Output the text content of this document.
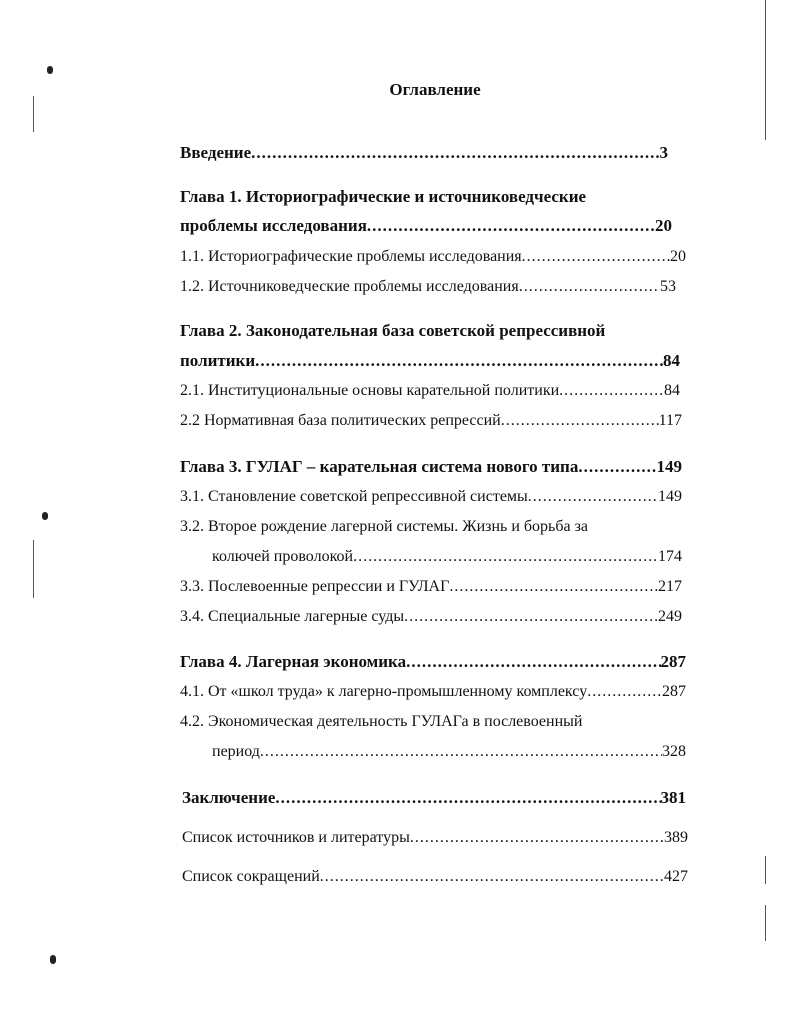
Оглавление
Введение .....	3
Глава 1. Историографические и источниковедческие
проблемы исследования .....	20
1.1. Историографические проблемы исследования .....	20
1.2. Источниковедческие проблемы исследования .....	53
Глава 2. Законодательная база советской репрессивной
политики .....	84
2.1. Институциональные основы карательной политики .....	84
2.2 Нормативная база политических репрессий .....	117
Глава 3. ГУЛАГ – карательная система нового типа .....	149
3.1. Становление советской репрессивной системы .....	149
3.2. Второе рождение лагерной системы. Жизнь и борьба за
колючей проволокой .....	174
3.3. Послевоенные репрессии и ГУЛАГ .....	217
3.4. Специальные лагерные суды .....	249
Глава 4. Лагерная экономика .....	287
4.1. От «школ труда» к лагерно-промышленному комплексу .....	287
4.2. Экономическая деятельность ГУЛАГа в послевоенный
период .....	328
Заключение .....	381
Список источников и литературы .....	389
Список сокращений .....	427
